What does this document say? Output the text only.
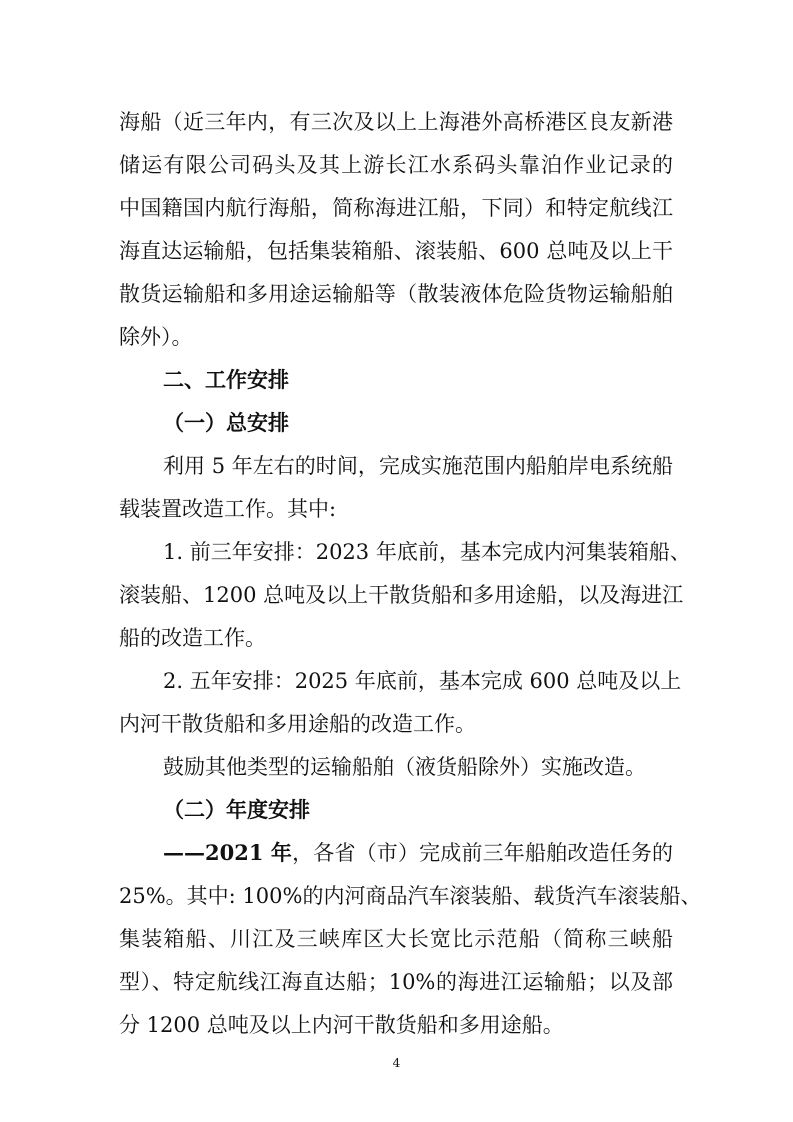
海船（近三年内，有三次及以上上海港外高桥港区良友新港

储运有限公司码头及其上游长江水系码头靠泊作业记录的

中国籍国内航行海船，简称海进江船，下同）和特定航线江

海直达运输船，包括集装箱船、滚装船、600 总吨及以上干

散货运输船和多用途运输船等（散装液体危险货物运输船舶

除外）。

二、工作安排

（一）总安排

利用 5 年左右的时间，完成实施范围内船舶岸电系统船

载装置改造工作。其中:

1. 前三年安排：2023 年底前，基本完成内河集装箱船、

滚装船、1200 总吨及以上干散货船和多用途船，以及海进江

船的改造工作。

2. 五年安排：2025 年底前，基本完成 600 总吨及以上

内河干散货船和多用途船的改造工作。

鼓励其他类型的运输船舶（液货船除外）实施改造。

（二）年度安排

——2021 年，各省（市）完成前三年船舶改造任务的

25%。其中: 100%的内河商品汽车滚装船、载货汽车滚装船、

集装箱船、川江及三峡库区大长宽比示范船（简称三峡船

型）、特定航线江海直达船；10%的海进江运输船；以及部

分 1200 总吨及以上内河干散货船和多用途船。

4
